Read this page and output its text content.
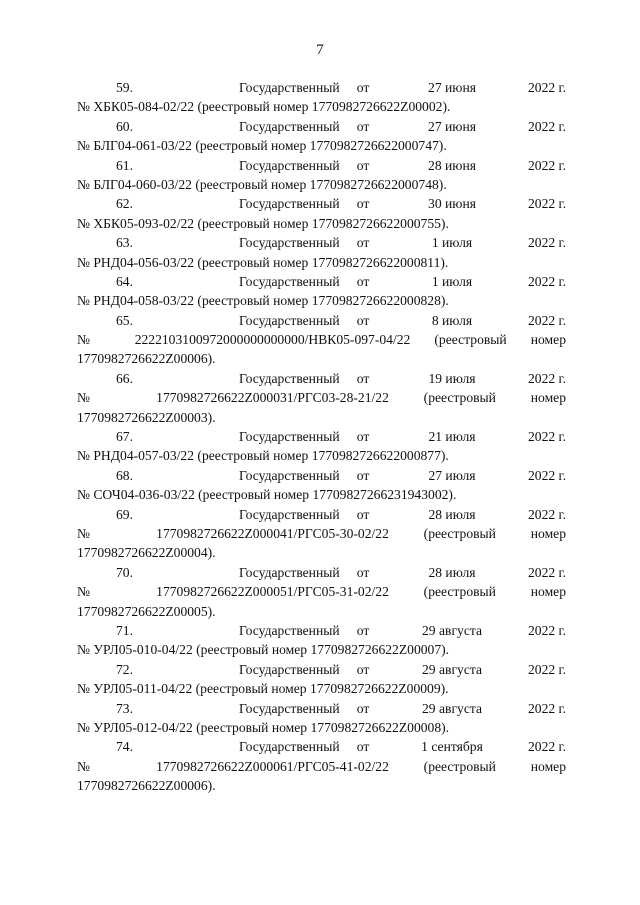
7
59.	Государственный	от	27 июня	2022 г.
№ ХБК05-084-02/22 (реестровый номер 1770982726622Z00002).
60.	Государственный	от	27 июня	2022 г.
№ БЛГ04-061-03/22 (реестровый номер 1770982726622000747).
61.	Государственный	от	28 июня	2022 г.
№ БЛГ04-060-03/22 (реестровый номер 1770982726622000748).
62.	Государственный	от	30 июня	2022 г.
№ ХБК05-093-02/22 (реестровый номер 1770982726622000755).
63.	Государственный	от	1 июля	2022 г.
№ РНД04-056-03/22 (реестровый номер 1770982726622000811).
64.	Государственный	от	1 июля	2022 г.
№ РНД04-058-03/22 (реестровый номер 1770982726622000828).
65.	Государственный	от	8 июля	2022 г.
№ 2222103100972000000000000/НВК05-097-04/22 (реестровый номер
1770982726622Z00006).
66.	Государственный	от	19 июля	2022 г.
№ 1770982726622Z000031/РГС03-28-21/22 (реестровый номер
1770982726622Z00003).
67.	Государственный	от	21 июля	2022 г.
№ РНД04-057-03/22 (реестровый номер 1770982726622000877).
68.	Государственный	от	27 июля	2022 г.
№ СОЧ04-036-03/22 (реестровый номер 17709827266231943002).
69.	Государственный	от	28 июля	2022 г.
№ 1770982726622Z000041/РГС05-30-02/22 (реестровый номер
1770982726622Z00004).
70.	Государственный	от	28 июля	2022 г.
№ 1770982726622Z000051/РГС05-31-02/22 (реестровый номер
1770982726622Z00005).
71.	Государственный	от	29 августа	2022 г.
№ УРЛ05-010-04/22 (реестровый номер 1770982726622Z00007).
72.	Государственный	от	29 августа	2022 г.
№ УРЛ05-011-04/22 (реестровый номер 1770982726622Z00009).
73.	Государственный	от	29 августа	2022 г.
№ УРЛ05-012-04/22 (реестровый номер 1770982726622Z00008).
74.	Государственный	от	1 сентября	2022 г.
№ 1770982726622Z000061/РГС05-41-02/22 (реестровый номер
1770982726622Z00006).
